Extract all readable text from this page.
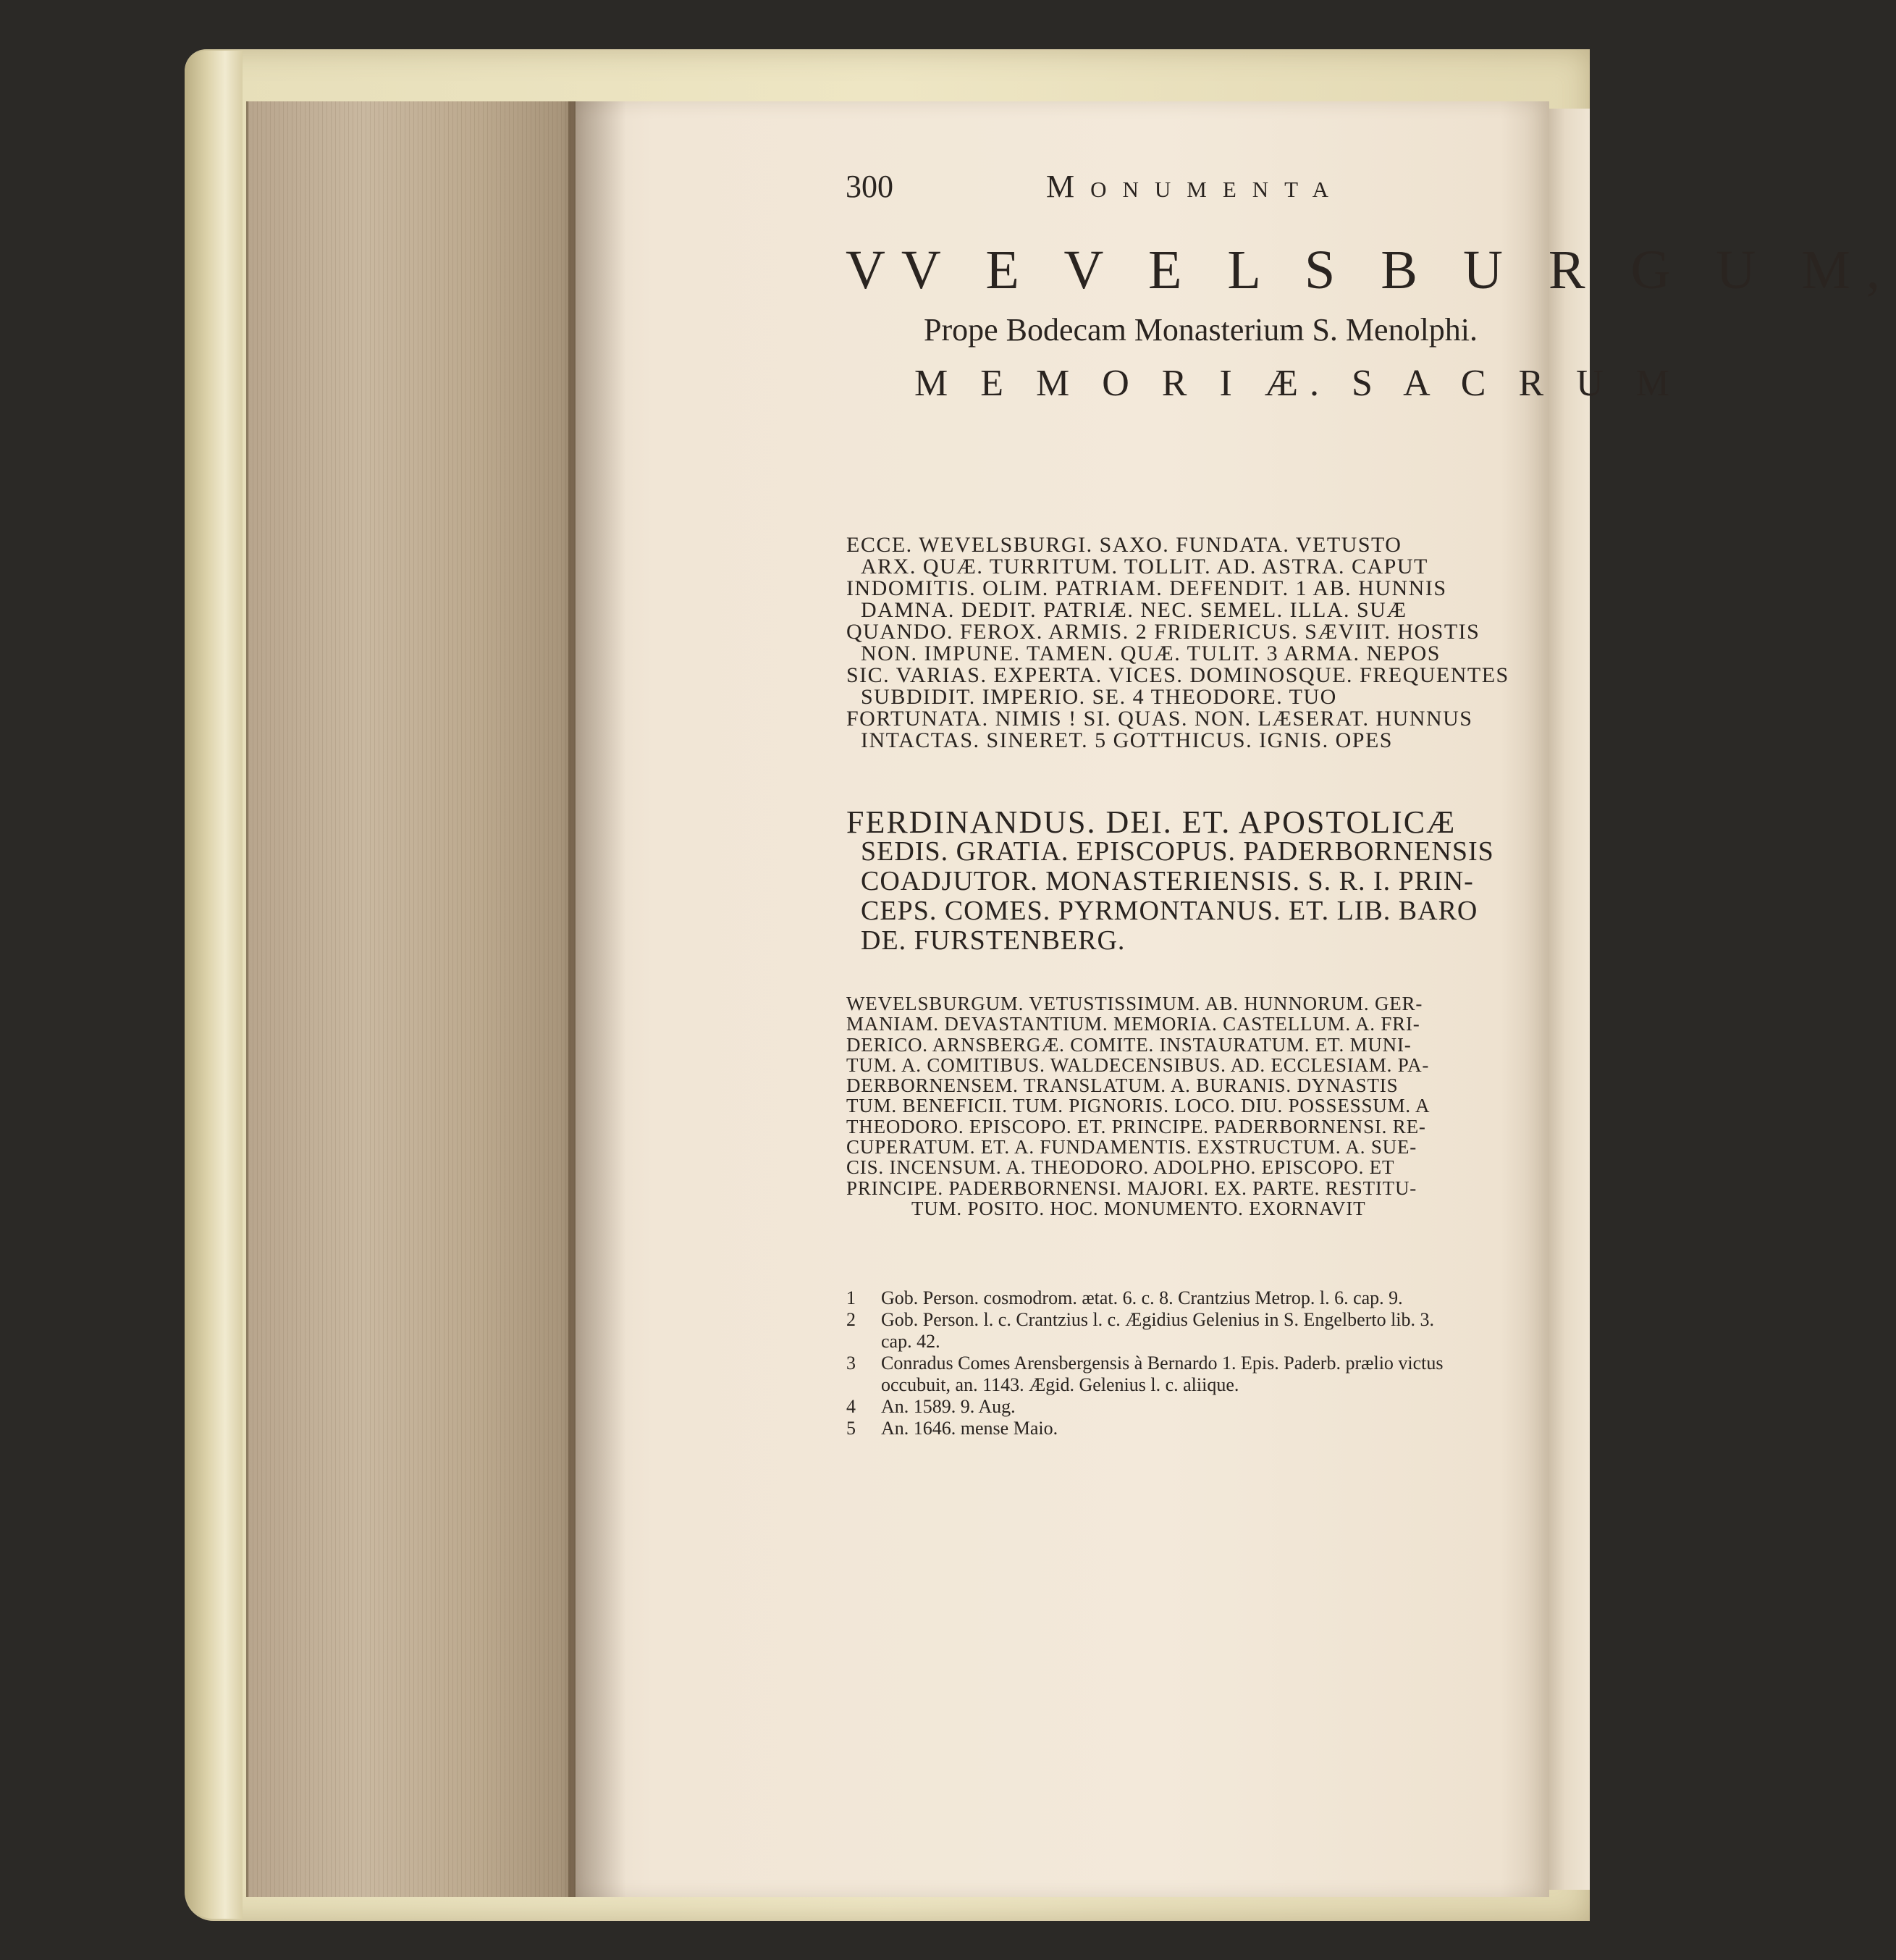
300	Monumenta
VV E V E L S B U R G U M,
Prope Bodecam Monasterium S. Menolphi.
M E M O R I Æ. S A C R U M
ECCE. WEVELSBURGI. SAXO. FUNDATA. VETUSTO
ARX. QUÆ. TURRITUM. TOLLIT. AD. ASTRA. CAPUT
INDOMITIS. OLIM. PATRIAM. DEFENDIT. 1 AB. HUNNIS
DAMNA. DEDIT. PATRIÆ. NEC. SEMEL. ILLA. SUÆ
QUANDO. FEROX. ARMIS. 2 FRIDERICUS. SÆVIIT. HOSTIS
NON. IMPUNE. TAMEN. QUÆ. TULIT. 3 ARMA. NEPOS
SIC. VARIAS. EXPERTA. VICES. DOMINOSQUE. FREQUENTES
SUBDIDIT. IMPERIO. SE. 4 THEODORE. TUO
FORTUNATA. NIMIS ! SI. QUAS. NON. LÆSERAT. HUNNUS
INTACTAS. SINERET. 5 GOTTHICUS. IGNIS. OPES
FERDINANDUS. DEI. ET. APOSTOLICÆ
SEDIS. GRATIA. EPISCOPUS. PADERBORNENSIS
COADJUTOR. MONASTERIENSIS. S. R. I. PRIN-
CEPS. COMES. PYRMONTANUS. ET. LIB. BARO
DE. FURSTENBERG.
WEVELSBURGUM. VETUSTISSIMUM. AB. HUNNORUM. GER-
MANIAM. DEVASTANTIUM. MEMORIA. CASTELLUM. A. FRI-
DERICO. ARNSBERGÆ. COMITE. INSTAURATUM. ET. MUNI-
TUM. A. COMITIBUS. WALDECENSIBUS. AD. ECCLESIAM. PA-
DERBORNENSEM. TRANSLATUM. A. BURANIS. DYNASTIS
TUM. BENEFICII. TUM. PIGNORIS. LOCO. DIU. POSSESSUM. A
THEODORO. EPISCOPO. ET. PRINCIPE. PADERBORNENSI. RE-
CUPERATUM. ET. A. FUNDAMENTIS. EXSTRUCTUM. A. SUE-
CIS. INCENSUM. A. THEODORO. ADOLPHO. EPISCOPO. ET
PRINCIPE. PADERBORNENSI. MAJORI. EX. PARTE. RESTITU-
TUM. POSITO. HOC. MONUMENTO. EXORNAVIT
1	Gob. Person. cosmodrom. ætat. 6. c. 8. Crantzius Metrop. l. 6. cap. 9.
2	Gob. Person. l. c. Crantzius l. c. Ægidius Gelenius in S. Engelberto lib. 3.
cap. 42.
3	Conradus Comes Arensbergensis à Bernardo 1. Epis. Paderb. prælio victus
occubuit, an. 1143. Ægid. Gelenius l. c. aliique.
4	An. 1589. 9. Aug.
5	An. 1646. mense Maio.
